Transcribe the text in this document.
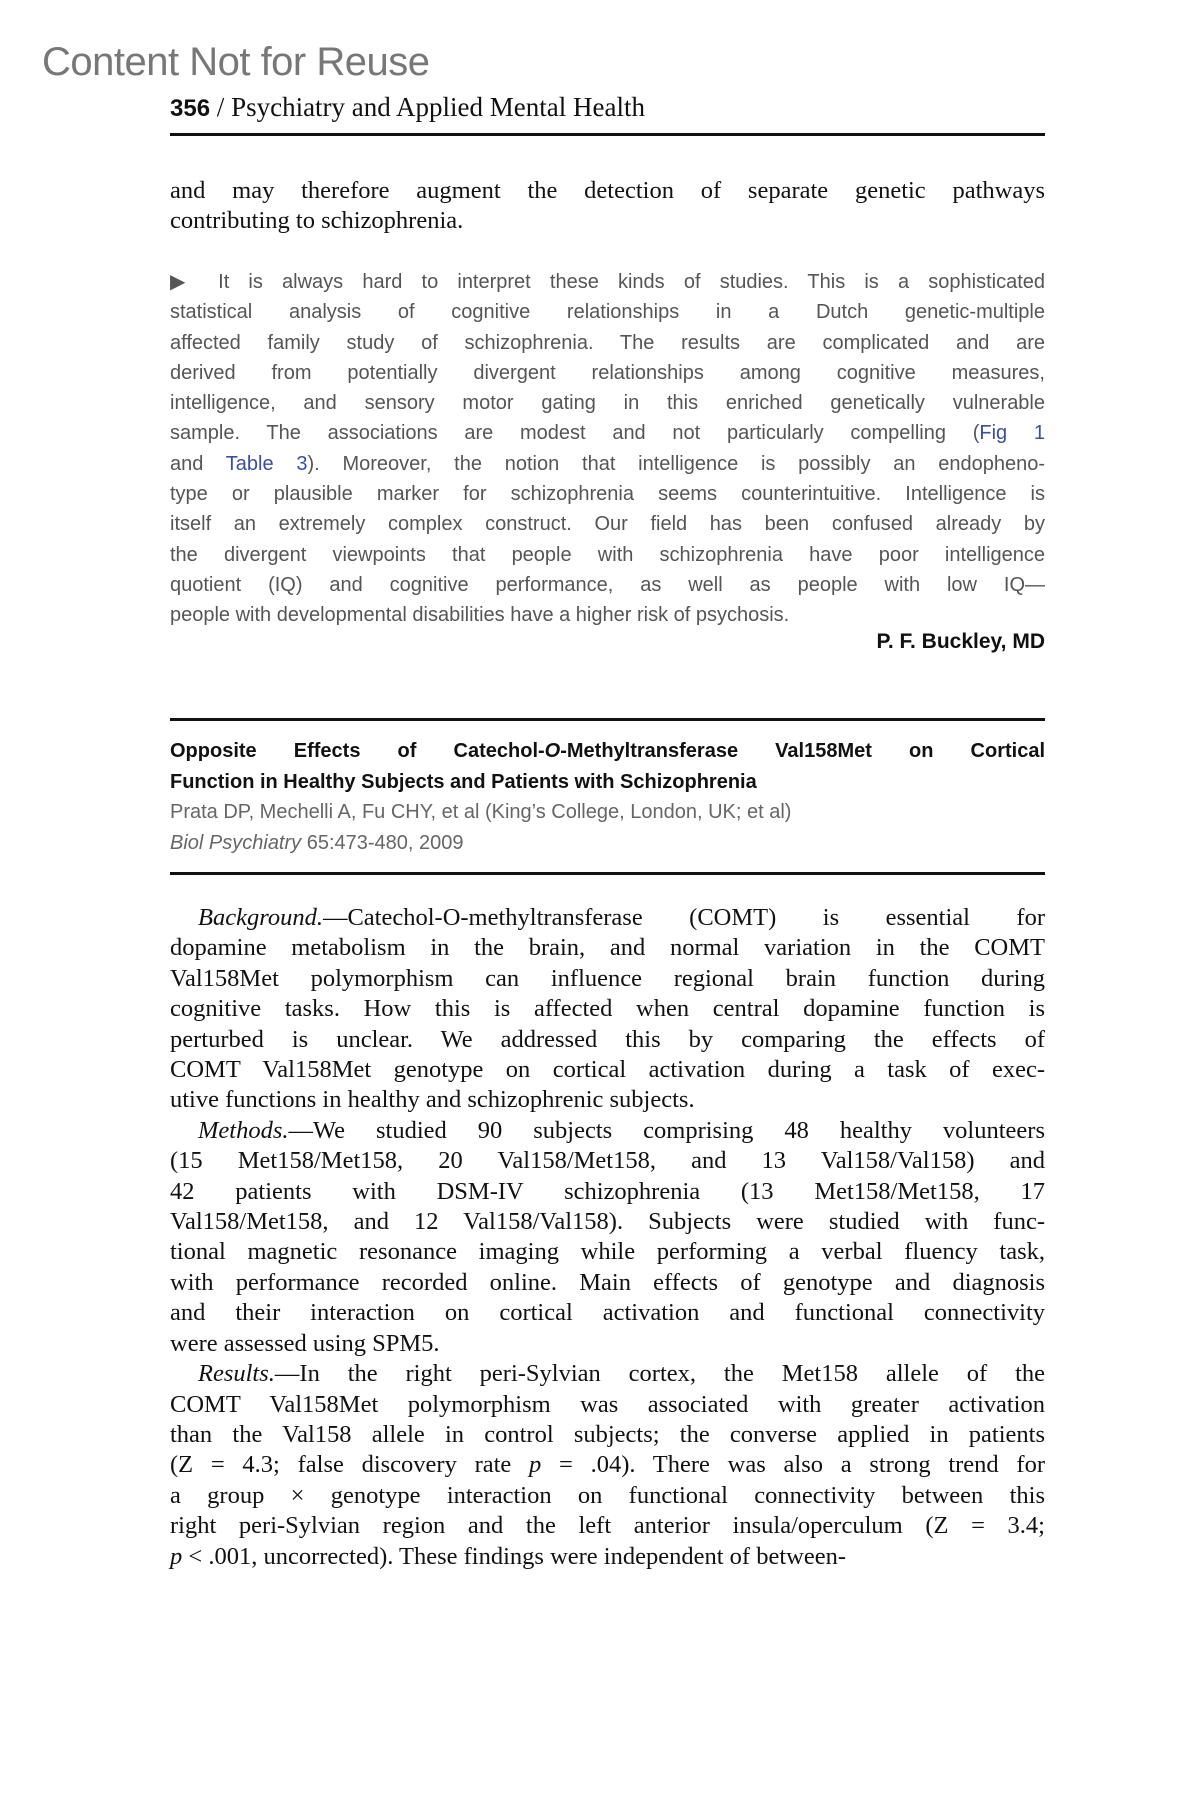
Content Not for Reuse
356 / Psychiatry and Applied Mental Health
and may therefore augment the detection of separate genetic pathways
contributing to schizophrenia.
▶ It is always hard to interpret these kinds of studies. This is a sophisticated
statistical analysis of cognitive relationships in a Dutch genetic-multiple
affected family study of schizophrenia. The results are complicated and are
derived from potentially divergent relationships among cognitive measures,
intelligence, and sensory motor gating in this enriched genetically vulnerable
sample. The associations are modest and not particularly compelling (Fig 1
and Table 3). Moreover, the notion that intelligence is possibly an endopheno-
type or plausible marker for schizophrenia seems counterintuitive. Intelligence is
itself an extremely complex construct. Our field has been confused already by
the divergent viewpoints that people with schizophrenia have poor intelligence
quotient (IQ) and cognitive performance, as well as people with low IQ—
people with developmental disabilities have a higher risk of psychosis.
P. F. Buckley, MD
Opposite Effects of Catechol-O-Methyltransferase Val158Met on Cortical
Function in Healthy Subjects and Patients with Schizophrenia
Prata DP, Mechelli A, Fu CHY, et al (King’s College, London, UK; et al)
Biol Psychiatry 65:473-480, 2009
Background.—Catechol-O-methyltransferase (COMT) is essential for
dopamine metabolism in the brain, and normal variation in the COMT
Val158Met polymorphism can influence regional brain function during
cognitive tasks. How this is affected when central dopamine function is
perturbed is unclear. We addressed this by comparing the effects of
COMT Val158Met genotype on cortical activation during a task of exec-
utive functions in healthy and schizophrenic subjects.
Methods.—We studied 90 subjects comprising 48 healthy volunteers
(15 Met158/Met158, 20 Val158/Met158, and 13 Val158/Val158) and
42 patients with DSM-IV schizophrenia (13 Met158/Met158, 17
Val158/Met158, and 12 Val158/Val158). Subjects were studied with func-
tional magnetic resonance imaging while performing a verbal fluency task,
with performance recorded online. Main effects of genotype and diagnosis
and their interaction on cortical activation and functional connectivity
were assessed using SPM5.
Results.—In the right peri-Sylvian cortex, the Met158 allele of the
COMT Val158Met polymorphism was associated with greater activation
than the Val158 allele in control subjects; the converse applied in patients
(Z = 4.3; false discovery rate p = .04). There was also a strong trend for
a group × genotype interaction on functional connectivity between this
right peri-Sylvian region and the left anterior insula/operculum (Z = 3.4;
p < .001, uncorrected). These findings were independent of between-
